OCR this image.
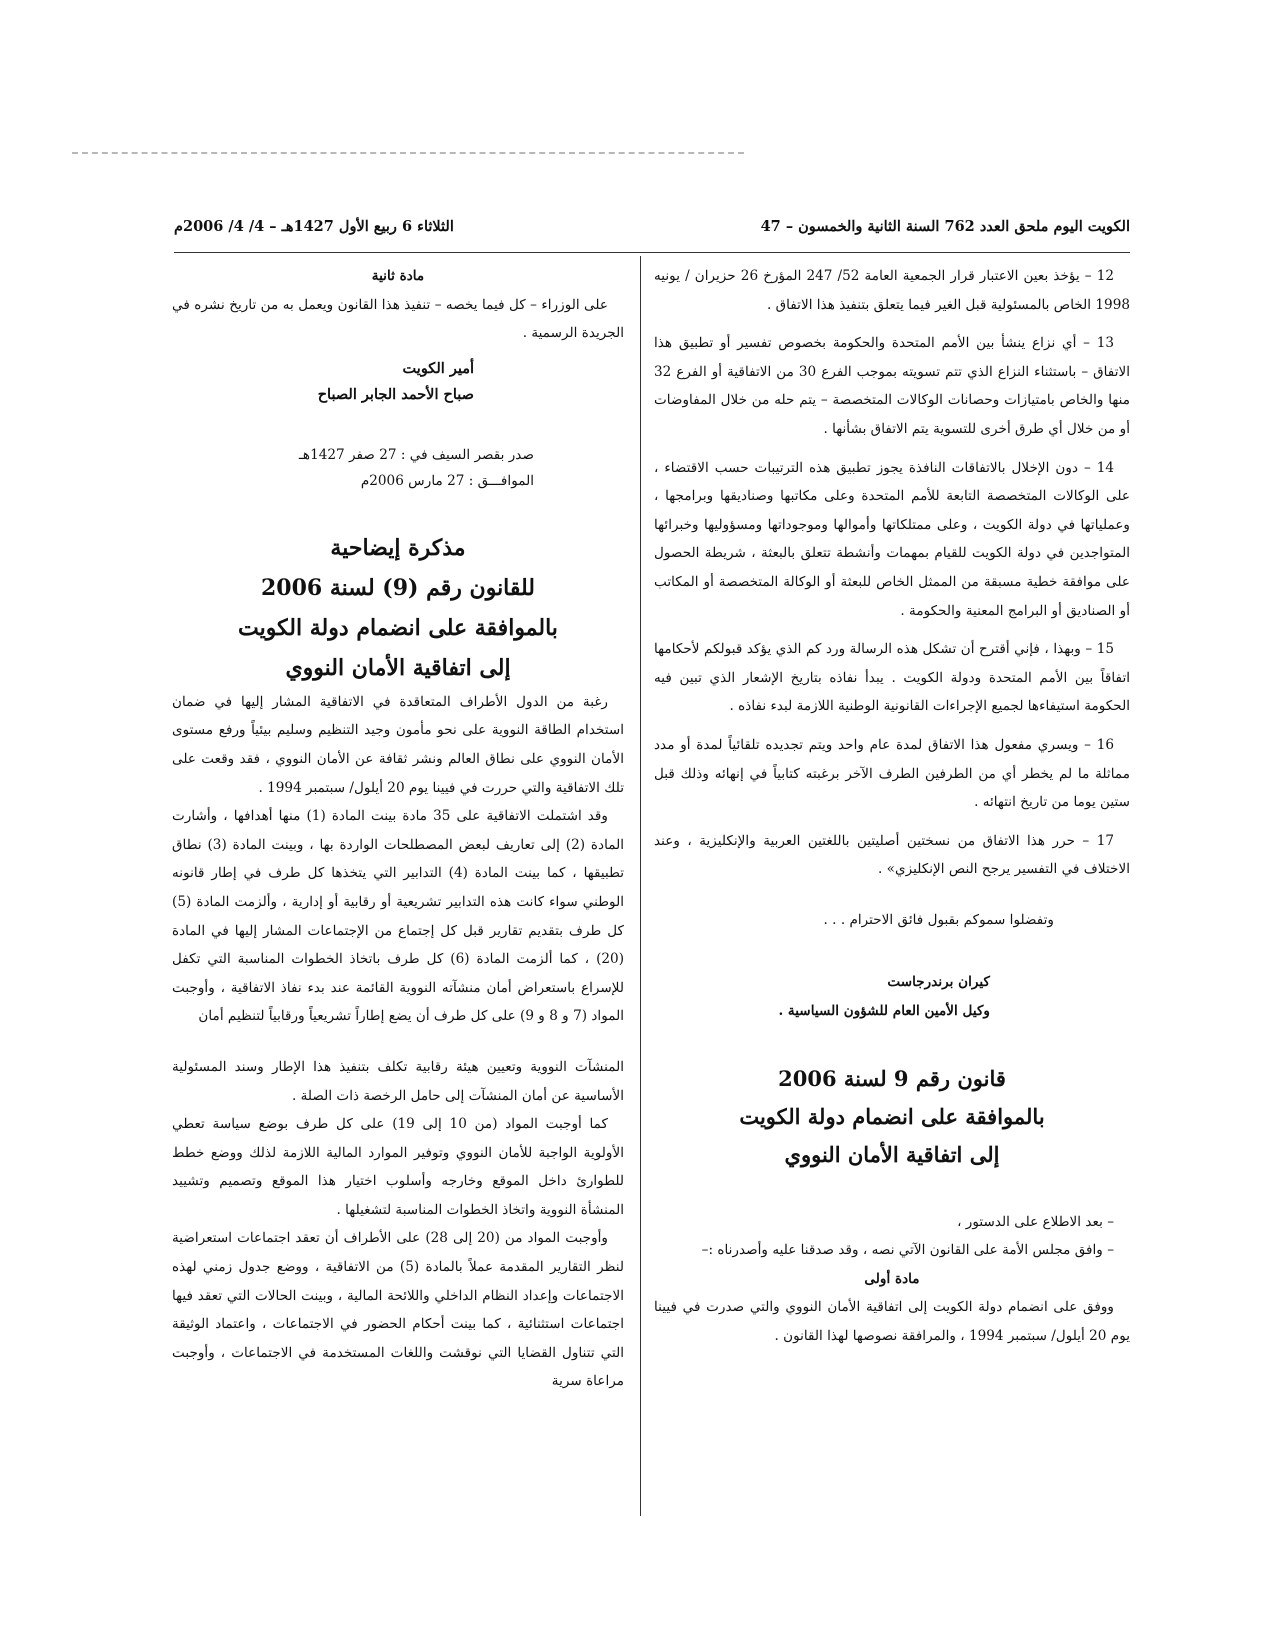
الكويت اليوم ملحق العدد 762 السنة الثانية والخمسون – 47
الثلاثاء 6 ربيع الأول 1427هـ – 4/ 4/ 2006م

12 – يؤخذ بعين الاعتبار قرار الجمعية العامة 52/ 247 المؤرخ 26 حزيران / يونيه 1998 الخاص بالمسئولية قبل الغير فيما يتعلق بتنفيذ هذا الاتفاق .

13 – أي نزاع ينشأ بين الأمم المتحدة والحكومة بخصوص تفسير أو تطبيق هذا الاتفاق – باستثناء النزاع الذي تتم تسويته بموجب الفرع 30 من الاتفاقية أو الفرع 32 منها والخاص بامتيازات وحصانات الوكالات المتخصصة – يتم حله من خلال المفاوضات أو من خلال أي طرق أخرى للتسوية يتم الاتفاق بشأنها .

14 – دون الإخلال بالاتفاقات النافذة يجوز تطبيق هذه الترتيبات حسب الاقتضاء ، على الوكالات المتخصصة التابعة للأمم المتحدة وعلى مكاتبها وصناديقها وبرامجها ، وعملياتها في دولة الكويت ، وعلى ممتلكاتها وأموالها وموجوداتها ومسؤوليها وخبرائها المتواجدين في دولة الكويت للقيام بمهمات وأنشطة تتعلق بالبعثة ، شريطة الحصول على موافقة خطية مسبقة من الممثل الخاص للبعثة أو الوكالة المتخصصة أو المكاتب أو الصناديق أو البرامج المعنية والحكومة .

15 – وبهذا ، فإني أقترح أن تشكل هذه الرسالة ورد كم الذي يؤكد قبولكم لأحكامها اتفاقاً بين الأمم المتحدة ودولة الكويت . يبدأ نفاذه بتاريخ الإشعار الذي تبين فيه الحكومة استيفاءها لجميع الإجراءات القانونية الوطنية اللازمة لبدء نفاذه .

16 – ويسري مفعول هذا الاتفاق لمدة عام واحد ويتم تجديده تلقائياً لمدة أو مدد مماثلة ما لم يخطر أي من الطرفين الطرف الآخر برغبته كتابياً في إنهائه وذلك قبل ستين يوما من تاريخ انتهائه .

17 – حرر هذا الاتفاق من نسختين أصليتين باللغتين العربية والإنكليزية ، وعند الاختلاف في التفسير يرجح النص الإنكليزي» .

وتفضلوا سموكم بقبول فائق الاحترام . . .

كيران برندرجاست

وكيل الأمين العام للشؤون السياسية .

قانون رقم 9 لسنة 2006

بالموافقة على انضمام دولة الكويت

إلى اتفاقية الأمان النووي

– بعد الاطلاع على الدستور ،

– وافق مجلس الأمة على القانون الآتي نصه ، وقد صدقنا عليه وأصدرناه :–

مادة أولى

ووفق على انضمام دولة الكويت إلى اتفاقية الأمان النووي والتي صدرت في فيينا يوم 20 أيلول/ سبتمبر 1994 ، والمرافقة نصوصها لهذا القانون .

مادة ثانية

على الوزراء – كل فيما يخصه – تنفيذ هذا القانون ويعمل به من تاريخ نشره في الجريدة الرسمية .

أمير الكويت

صباح الأحمد الجابر الصباح

صدر بقصر السيف في : 27 صفر 1427هـ

الموافـــق : 27 مارس 2006م

مذكرة إيضاحية

للقانون رقم (9) لسنة 2006

بالموافقة على انضمام دولة الكويت

إلى اتفاقية الأمان النووي

رغبة من الدول الأطراف المتعاقدة في الاتفاقية المشار إليها في ضمان استخدام الطاقة النووية على نحو مأمون وجيد التنظيم وسليم بيئياً ورفع مستوى الأمان النووي على نطاق العالم ونشر ثقافة عن الأمان النووي ، فقد وقعت على تلك الاتفاقية والتي حررت في فيينا يوم 20 أيلول/ سبتمبر 1994 .

وقد اشتملت الاتفاقية على 35 مادة بينت المادة (1) منها أهدافها ، وأشارت المادة (2) إلى تعاريف لبعض المصطلحات الواردة بها ، وبينت المادة (3) نطاق تطبيقها ، كما بينت المادة (4) التدابير التي يتخذها كل طرف في إطار قانونه الوطني سواء كانت هذه التدابير تشريعية أو رقابية أو إدارية ، وألزمت المادة (5) كل طرف بتقديم تقارير قبل كل إجتماع من الإجتماعات المشار إليها في المادة (20) ، كما ألزمت المادة (6) كل طرف باتخاذ الخطوات المناسبة التي تكفل للإسراع باستعراض أمان منشآته النووية القائمة عند بدء نفاذ الاتفاقية ، وأوجبت المواد (7 و 8 و 9) على كل طرف أن يضع إطاراً تشريعياً ورقابياً لتنظيم أمان

المنشآت النووية وتعيين هيئة رقابية تكلف بتنفيذ هذا الإطار وسند المسئولية الأساسية عن أمان المنشآت إلى حامل الرخصة ذات الصلة .

كما أوجبت المواد (من 10 إلى 19) على كل طرف بوضع سياسة تعطي الأولوية الواجبة للأمان النووي وتوفير الموارد المالية اللازمة لذلك ووضع خطط للطوارئ داخل الموقع وخارجه وأسلوب اختيار هذا الموقع وتصميم وتشييد المنشأة النووية واتخاذ الخطوات المناسبة لتشغيلها .

وأوجبت المواد من (20 إلى 28) على الأطراف أن تعقد اجتماعات استعراضية لنظر التقارير المقدمة عملاً بالمادة (5) من الاتفاقية ، ووضع جدول زمني لهذه الاجتماعات وإعداد النظام الداخلي واللائحة المالية ، وبينت الحالات التي تعقد فيها اجتماعات استثنائية ، كما بينت أحكام الحضور في الاجتماعات ، واعتماد الوثيقة التي تتناول القضايا التي نوقشت واللغات المستخدمة في الاجتماعات ، وأوجبت مراعاة سرية
